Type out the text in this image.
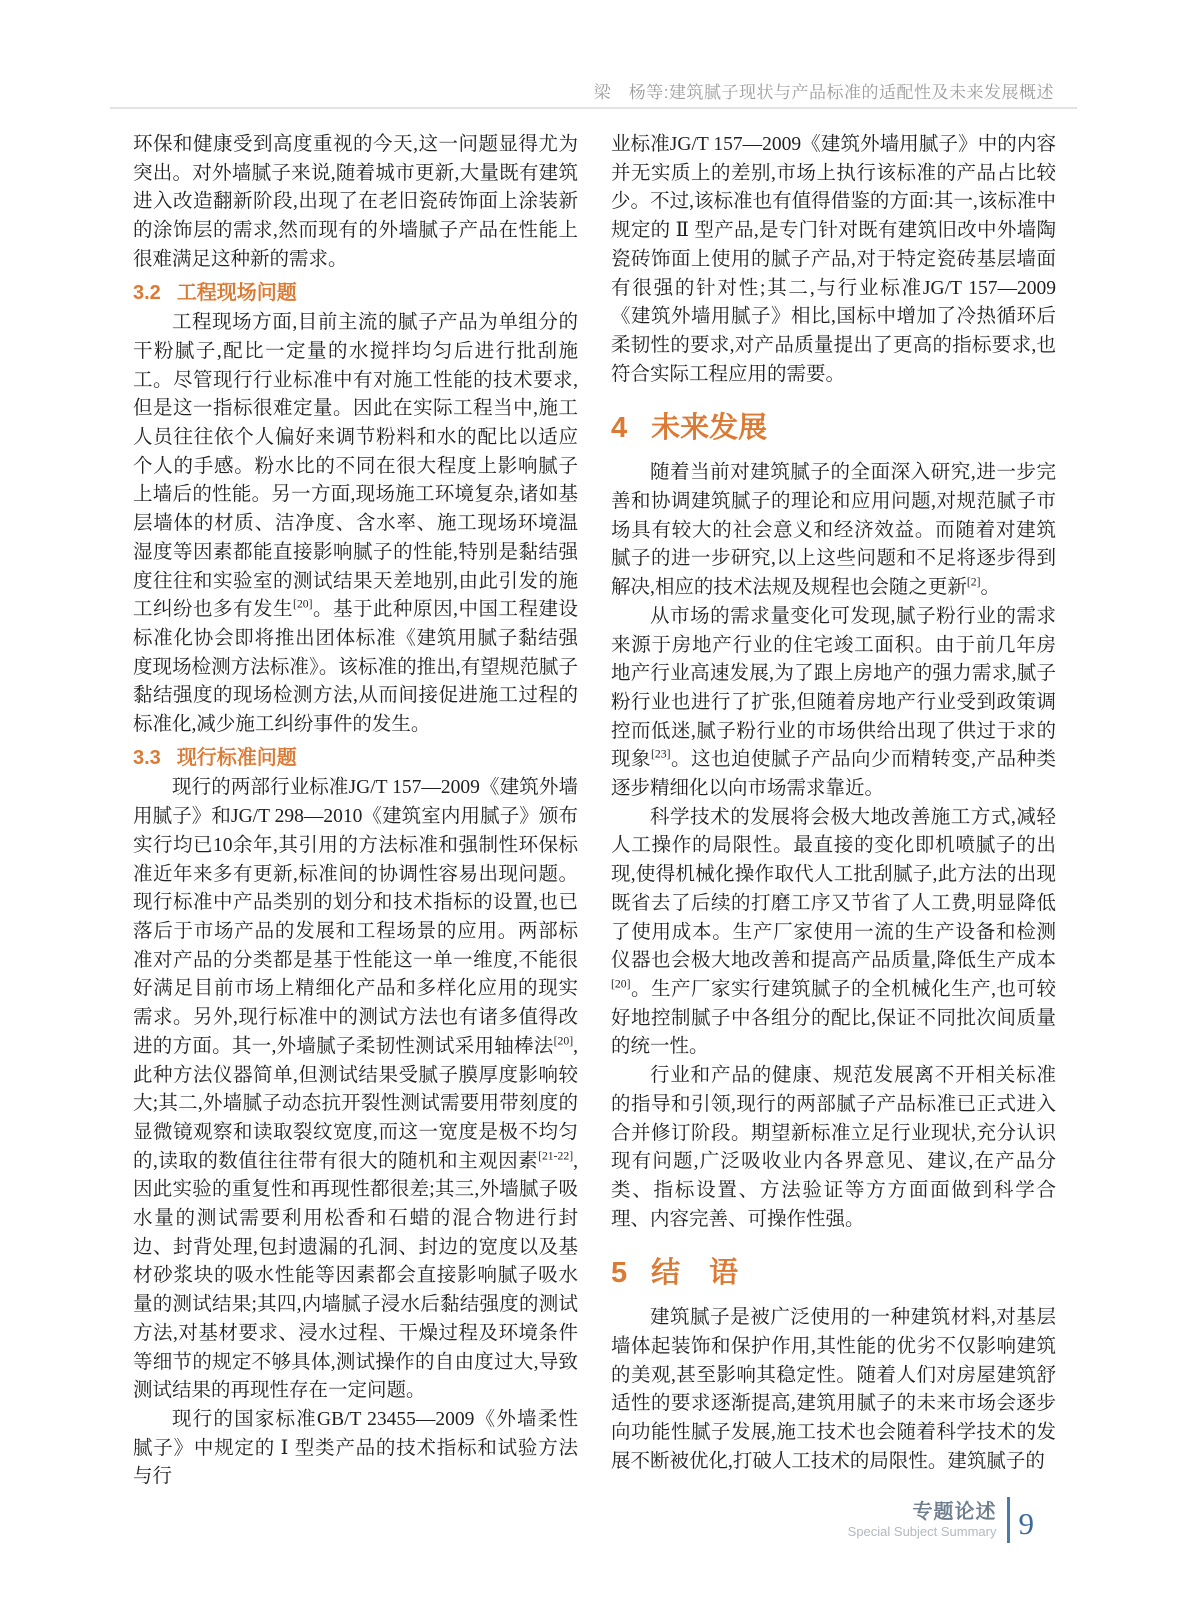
梁　杨等:建筑腻子现状与产品标准的适配性及未来发展概述

环保和健康受到高度重视的今天,这一问题显得尤为突出。对外墙腻子来说,随着城市更新,大量既有建筑进入改造翻新阶段,出现了在老旧瓷砖饰面上涂装新的涂饰层的需求,然而现有的外墙腻子产品在性能上很难满足这种新的需求。

3.2 工程现场问题

工程现场方面,目前主流的腻子产品为单组分的干粉腻子,配比一定量的水搅拌均匀后进行批刮施工。尽管现行行业标准中有对施工性能的技术要求,但是这一指标很难定量。因此在实际工程当中,施工人员往往依个人偏好来调节粉料和水的配比以适应个人的手感。粉水比的不同在很大程度上影响腻子上墙后的性能。另一方面,现场施工环境复杂,诸如基层墙体的材质、洁净度、含水率、施工现场环境温湿度等因素都能直接影响腻子的性能,特别是黏结强度往往和实验室的测试结果天差地别,由此引发的施工纠纷也多有发生[20]。基于此种原因,中国工程建设标准化协会即将推出团体标准《建筑用腻子黏结强度现场检测方法标准》。该标准的推出,有望规范腻子黏结强度的现场检测方法,从而间接促进施工过程的标准化,减少施工纠纷事件的发生。

3.3 现行标准问题

现行的两部行业标准JG/T 157—2009《建筑外墙用腻子》和JG/T 298—2010《建筑室内用腻子》颁布实行均已10余年,其引用的方法标准和强制性环保标准近年来多有更新,标准间的协调性容易出现问题。现行标准中产品类别的划分和技术指标的设置,也已落后于市场产品的发展和工程场景的应用。两部标准对产品的分类都是基于性能这一单一维度,不能很好满足目前市场上精细化产品和多样化应用的现实需求。另外,现行标准中的测试方法也有诸多值得改进的方面。其一,外墙腻子柔韧性测试采用轴棒法[20],此种方法仪器简单,但测试结果受腻子膜厚度影响较大;其二,外墙腻子动态抗开裂性测试需要用带刻度的显微镜观察和读取裂纹宽度,而这一宽度是极不均匀的,读取的数值往往带有很大的随机和主观因素[21-22],因此实验的重复性和再现性都很差;其三,外墙腻子吸水量的测试需要利用松香和石蜡的混合物进行封边、封背处理,包封遗漏的孔洞、封边的宽度以及基材砂浆块的吸水性能等因素都会直接影响腻子吸水量的测试结果;其四,内墙腻子浸水后黏结强度的测试方法,对基材要求、浸水过程、干燥过程及环境条件等细节的规定不够具体,测试操作的自由度过大,导致测试结果的再现性存在一定问题。

现行的国家标准GB/T 23455—2009《外墙柔性腻子》中规定的 Ⅰ 型类产品的技术指标和试验方法与行

业标准JG/T 157—2009《建筑外墙用腻子》中的内容并无实质上的差别,市场上执行该标准的产品占比较少。不过,该标准也有值得借鉴的方面:其一,该标准中规定的 Ⅱ 型产品,是专门针对既有建筑旧改中外墙陶瓷砖饰面上使用的腻子产品,对于特定瓷砖基层墙面有很强的针对性;其二,与行业标准JG/T 157—2009《建筑外墙用腻子》相比,国标中增加了冷热循环后柔韧性的要求,对产品质量提出了更高的指标要求,也符合实际工程应用的需要。

4 未来发展

随着当前对建筑腻子的全面深入研究,进一步完善和协调建筑腻子的理论和应用问题,对规范腻子市场具有较大的社会意义和经济效益。而随着对建筑腻子的进一步研究,以上这些问题和不足将逐步得到解决,相应的技术法规及规程也会随之更新[2]。

从市场的需求量变化可发现,腻子粉行业的需求来源于房地产行业的住宅竣工面积。由于前几年房地产行业高速发展,为了跟上房地产的强力需求,腻子粉行业也进行了扩张,但随着房地产行业受到政策调控而低迷,腻子粉行业的市场供给出现了供过于求的现象[23]。这也迫使腻子产品向少而精转变,产品种类逐步精细化以向市场需求靠近。

科学技术的发展将会极大地改善施工方式,减轻人工操作的局限性。最直接的变化即机喷腻子的出现,使得机械化操作取代人工批刮腻子,此方法的出现既省去了后续的打磨工序又节省了人工费,明显降低了使用成本。生产厂家使用一流的生产设备和检测仪器也会极大地改善和提高产品质量,降低生产成本[20]。生产厂家实行建筑腻子的全机械化生产,也可较好地控制腻子中各组分的配比,保证不同批次间质量的统一性。

行业和产品的健康、规范发展离不开相关标准的指导和引领,现行的两部腻子产品标准已正式进入合并修订阶段。期望新标准立足行业现状,充分认识现有问题,广泛吸收业内各界意见、建议,在产品分类、指标设置、方法验证等方方面面做到科学合理、内容完善、可操作性强。

5 结　语

建筑腻子是被广泛使用的一种建筑材料,对基层墙体起装饰和保护作用,其性能的优劣不仅影响建筑的美观,甚至影响其稳定性。随着人们对房屋建筑舒适性的要求逐渐提高,建筑用腻子的未来市场会逐步向功能性腻子发展,施工技术也会随着科学技术的发展不断被优化,打破人工技术的局限性。建筑腻子的

专题论述
Special Subject Summary 9
